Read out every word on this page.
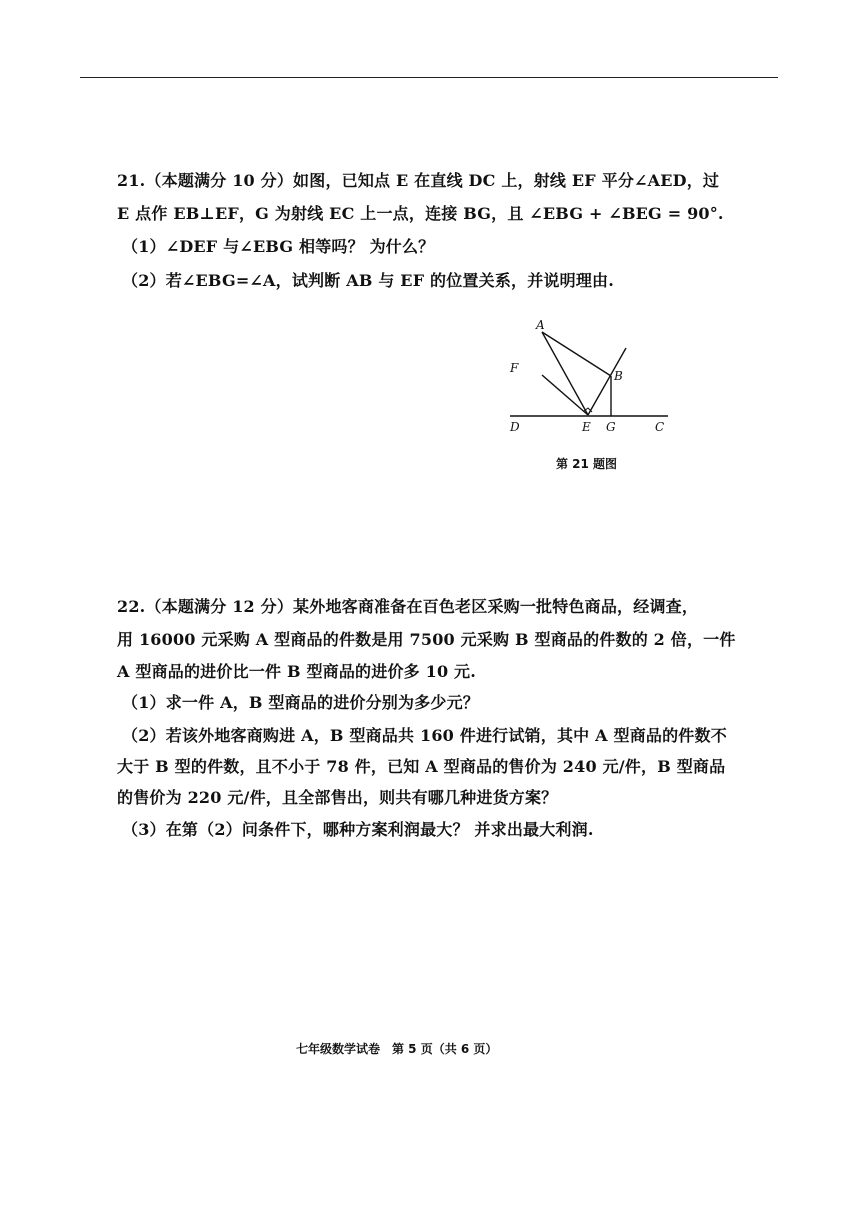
21.（本题满分 10 分）如图，已知点 E 在直线 DC 上，射线 EF 平分∠AED，过
E 点作 EB⊥EF，G 为射线 EC 上一点，连接 BG，且 ∠EBG + ∠BEG = 90°.
（1）∠DEF 与∠EBG 相等吗？ 为什么？
（2）若∠EBG=∠A，试判断 AB 与 EF 的位置关系，并说明理由.
A
B
C
D	E
F
G
第 21 题图
22.（本题满分 12 分）某外地客商准备在百色老区采购一批特色商品，经调查，
用 16000 元采购 A 型商品的件数是用 7500 元采购 B 型商品的件数的 2 倍，一件
A 型商品的进价比一件 B 型商品的进价多 10 元.
（1）求一件 A，B 型商品的进价分别为多少元？
（2）若该外地客商购进 A，B 型商品共 160 件进行试销，其中 A 型商品的件数不
大于 B 型的件数，且不小于 78 件，已知 A 型商品的售价为 240 元/件，B 型商品
的售价为 220 元/件，且全部售出，则共有哪几种进货方案？
（3）在第（2）问条件下，哪种方案利润最大？ 并求出最大利润.
七年级数学试卷　第 5 页（共 6 页）
